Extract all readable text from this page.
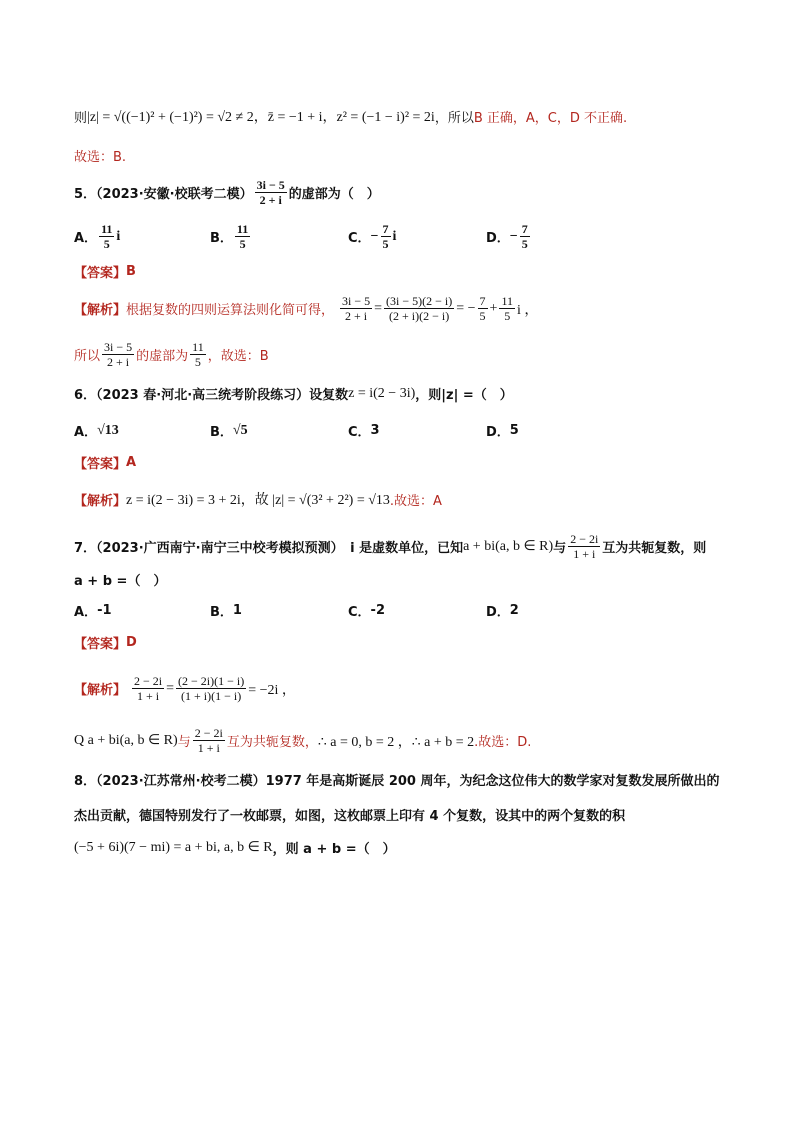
则 |z| = √((−1)² + (−1)²) = √2 ≠ 2，z̄ = −1 + i，z² = (−1 − i)² = 2i ，所以 B 正确，A，C，D 不正确.
故选：B.
5．（2023·安徽·校联考二模） $\frac{3i - 5}{2 + i}$ 的虚部为（　）
A． $\frac{11}{5}$ i	B． $\frac{11}{5}$	C． − $\frac{7}{5}$ i	D． − $\frac{7}{5}$
【答案】 B
【解析】 根据复数的四则运算法则化简可得， $\frac{3i - 5}{2 + i} = \frac{(3i - 5)(2 - i)}{(2 + i)(2 - i)}$ = − $\frac{7}{5} + \frac{11}{5}$ i ，
所以 $\frac{3i - 5}{2 + i}$ 的虚部为 $\frac{11}{5}$ ，故选：B
6．（2023 春·河北·高三统考阶段练习）设复数 z = i(2 − 3i) ，则|z| =（　）
A． √13	B． √5	C． 3	D． 5
【答案】 A
【解析】 z = i(2 − 3i) = 3 + 2i，故 |z| = √(3² + 2²) = √13 .故选：A
7．（2023·广西南宁·南宁三中校考模拟预测）　i 是虚数单位，已知 a + bi(a, b ∈ R) 与 $\frac{2 - 2i}{1 + i}$ 互为共轭复数，则
a + b =（　）
A． -1	B． 1	C． -2	D． 2
【答案】 D
【解析】 $\frac{2 - 2i}{1 + i} = \frac{(2 - 2i)(1 - i)}{(1 + i)(1 - i)} = -2i$ ，
Q a + bi(a, b ∈ R) 与 $\frac{2 - 2i}{1 + i}$ 互为共轭复数， ∴ a = 0, b = 2 ，∴ a + b = 2 .故选：D.
8．（2023·江苏常州·校考二模）1977 年是高斯诞辰 200 周年，为纪念这位伟大的数学家对复数发展所做出的
杰出贡献，德国特别发行了一枚邮票，如图，这枚邮票上印有 4 个复数，设其中的两个复数的积
(−5 + 6i)(7 − mi) = a + bi, a, b ∈ R ，则 a + b =（　）
